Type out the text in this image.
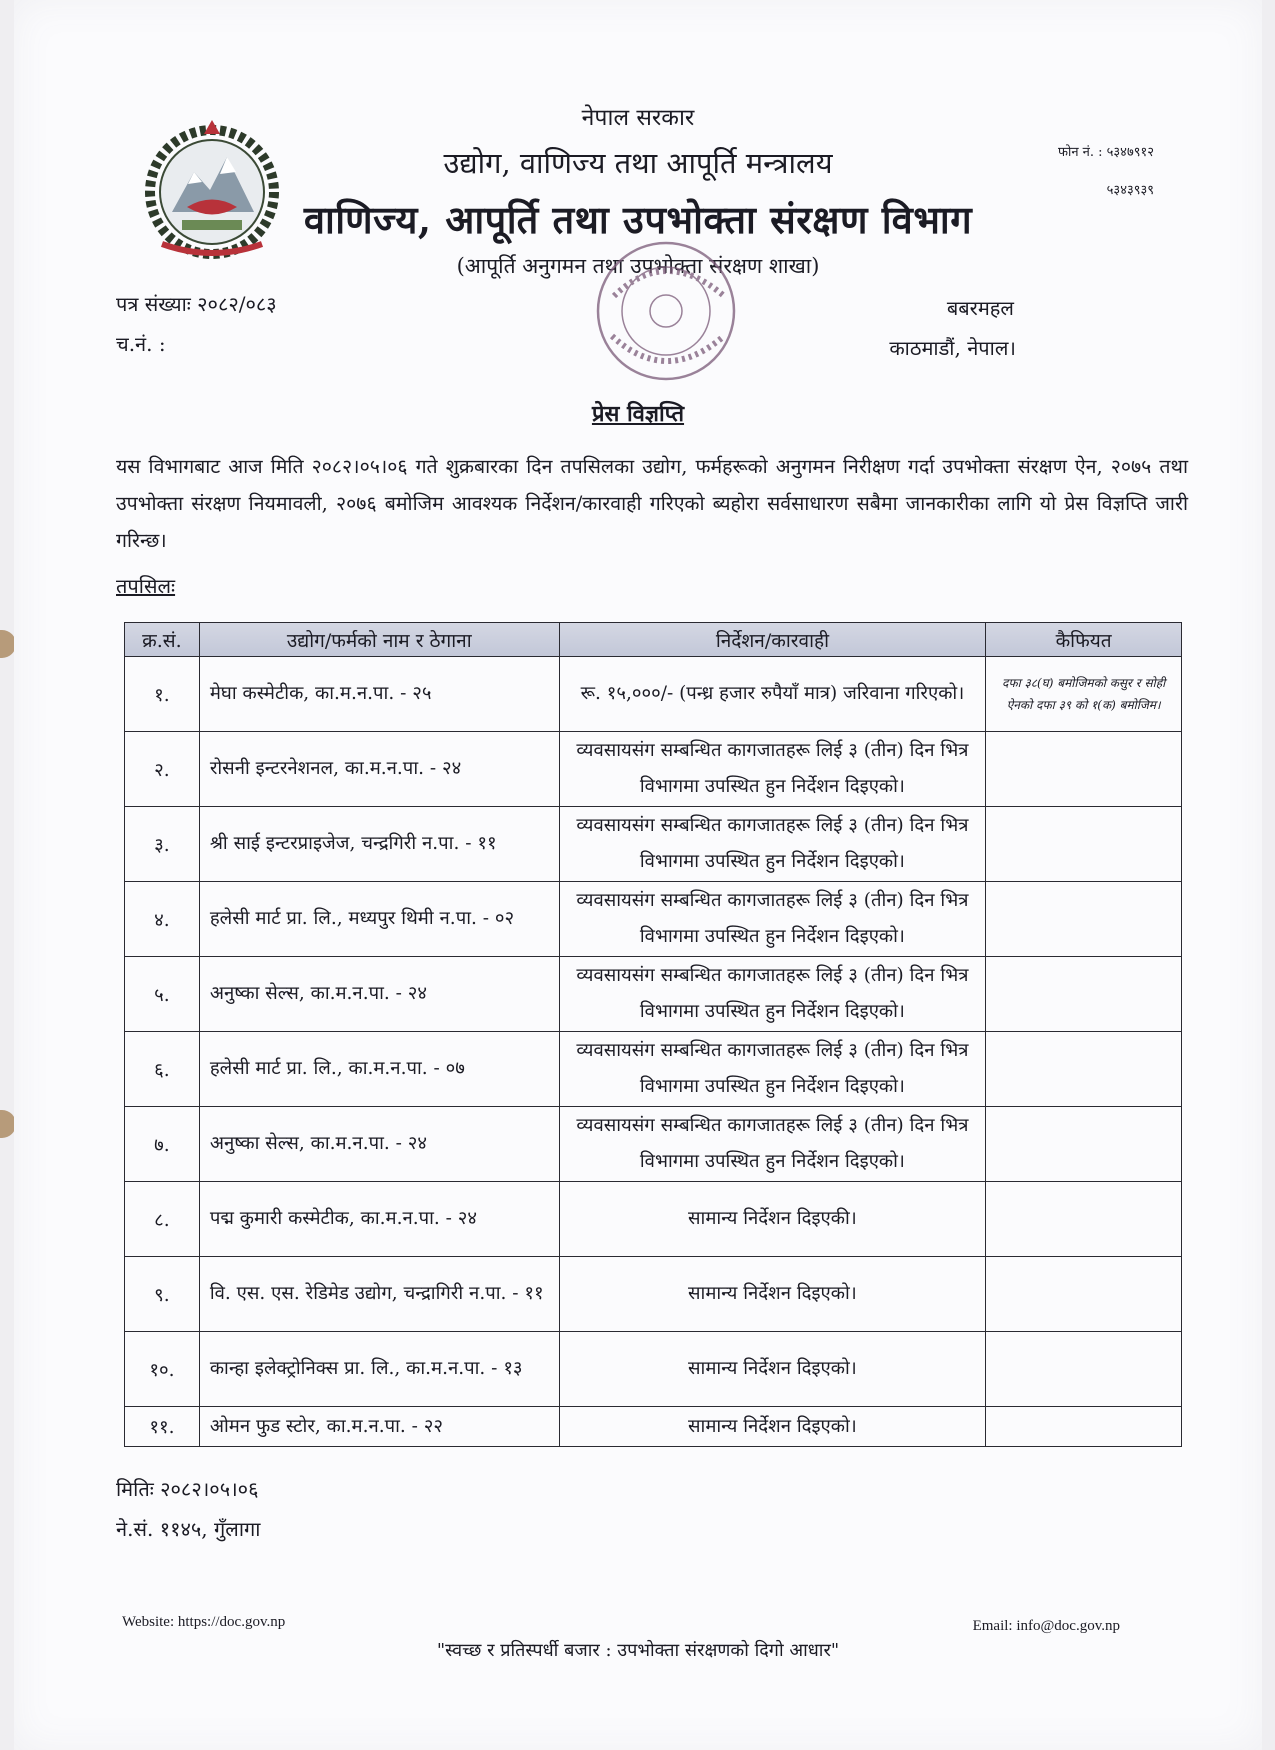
नेपाल सरकार
उद्योग, वाणिज्य तथा आपूर्ति मन्त्रालय
वाणिज्य, आपूर्ति तथा उपभोक्ता संरक्षण विभाग
(आपूर्ति अनुगमन तथा उपभोक्ता संरक्षण शाखा)
फोन नं. : ५३४७९१२
५३४३९३९
पत्र संख्याः २०८२/०८३
च.नं. :
बबरमहल
काठमाडौं, नेपाल।
प्रेस विज्ञप्ति
यस विभागबाट आज मिति २०८२।०५।०६ गते शुक्रबारका दिन तपसिलका उद्योग, फर्महरूको अनुगमन निरीक्षण गर्दा उपभोक्ता संरक्षण ऐन, २०७५ तथा उपभोक्ता संरक्षण नियमावली, २०७६ बमोजिम आवश्यक निर्देशन/कारवाही गरिएको ब्यहोरा सर्वसाधारण सबैमा जानकारीका लागि यो प्रेस विज्ञप्ति जारी गरिन्छ।
तपसिलः
क्र.सं.	उद्योग/फर्मको नाम र ठेगाना	निर्देशन/कारवाही	कैफियत
१.	मेघा कस्मेटीक, का.म.न.पा. - २५	रू. १५,०००/- (पन्ध्र हजार रुपैयाँ मात्र) जरिवाना गरिएको।	दफा ३८(घ) बमोजिमको कसुर र सोही ऐनको दफा ३९ को १(क) बमोजिम।
२.	रोसनी इन्टरनेशनल, का.म.न.पा. - २४	व्यवसायसंग सम्बन्धित कागजातहरू लिई ३ (तीन) दिन भित्र विभागमा उपस्थित हुन निर्देशन दिइएको।	
३.	श्री साई इन्टरप्राइजेज, चन्द्रगिरी न.पा. - ११	व्यवसायसंग सम्बन्धित कागजातहरू लिई ३ (तीन) दिन भित्र विभागमा उपस्थित हुन निर्देशन दिइएको।	
४.	हलेसी मार्ट प्रा. लि., मध्यपुर थिमी न.पा. - ०२	व्यवसायसंग सम्बन्धित कागजातहरू लिई ३ (तीन) दिन भित्र विभागमा उपस्थित हुन निर्देशन दिइएको।	
५.	अनुष्का सेल्स, का.म.न.पा. - २४	व्यवसायसंग सम्बन्धित कागजातहरू लिई ३ (तीन) दिन भित्र विभागमा उपस्थित हुन निर्देशन दिइएको।	
६.	हलेसी मार्ट प्रा. लि., का.म.न.पा. - ०७	व्यवसायसंग सम्बन्धित कागजातहरू लिई ३ (तीन) दिन भित्र विभागमा उपस्थित हुन निर्देशन दिइएको।	
७.	अनुष्का सेल्स, का.म.न.पा. - २४	व्यवसायसंग सम्बन्धित कागजातहरू लिई ३ (तीन) दिन भित्र विभागमा उपस्थित हुन निर्देशन दिइएको।	
८.	पद्म कुमारी कस्मेटीक, का.म.न.पा. - २४	सामान्य निर्देशन दिइएकी।	
९.	वि. एस. एस. रेडिमेड उद्योग, चन्द्रागिरी न.पा. - ११	सामान्य निर्देशन दिइएको।	
१०.	कान्हा इलेक्ट्रोनिक्स प्रा. लि., का.म.न.पा. - १३	सामान्य निर्देशन दिइएको।	
११.	ओमन फुड स्टोर, का.म.न.पा. - २२	सामान्य निर्देशन दिइएको।	
मितिः २०८२।०५।०६
ने.सं. ११४५, गुँलागा
Website: https://doc.gov.np	Email: info@doc.gov.np
"स्वच्छ र प्रतिस्पर्धी बजार : उपभोक्ता संरक्षणको दिगो आधार"
